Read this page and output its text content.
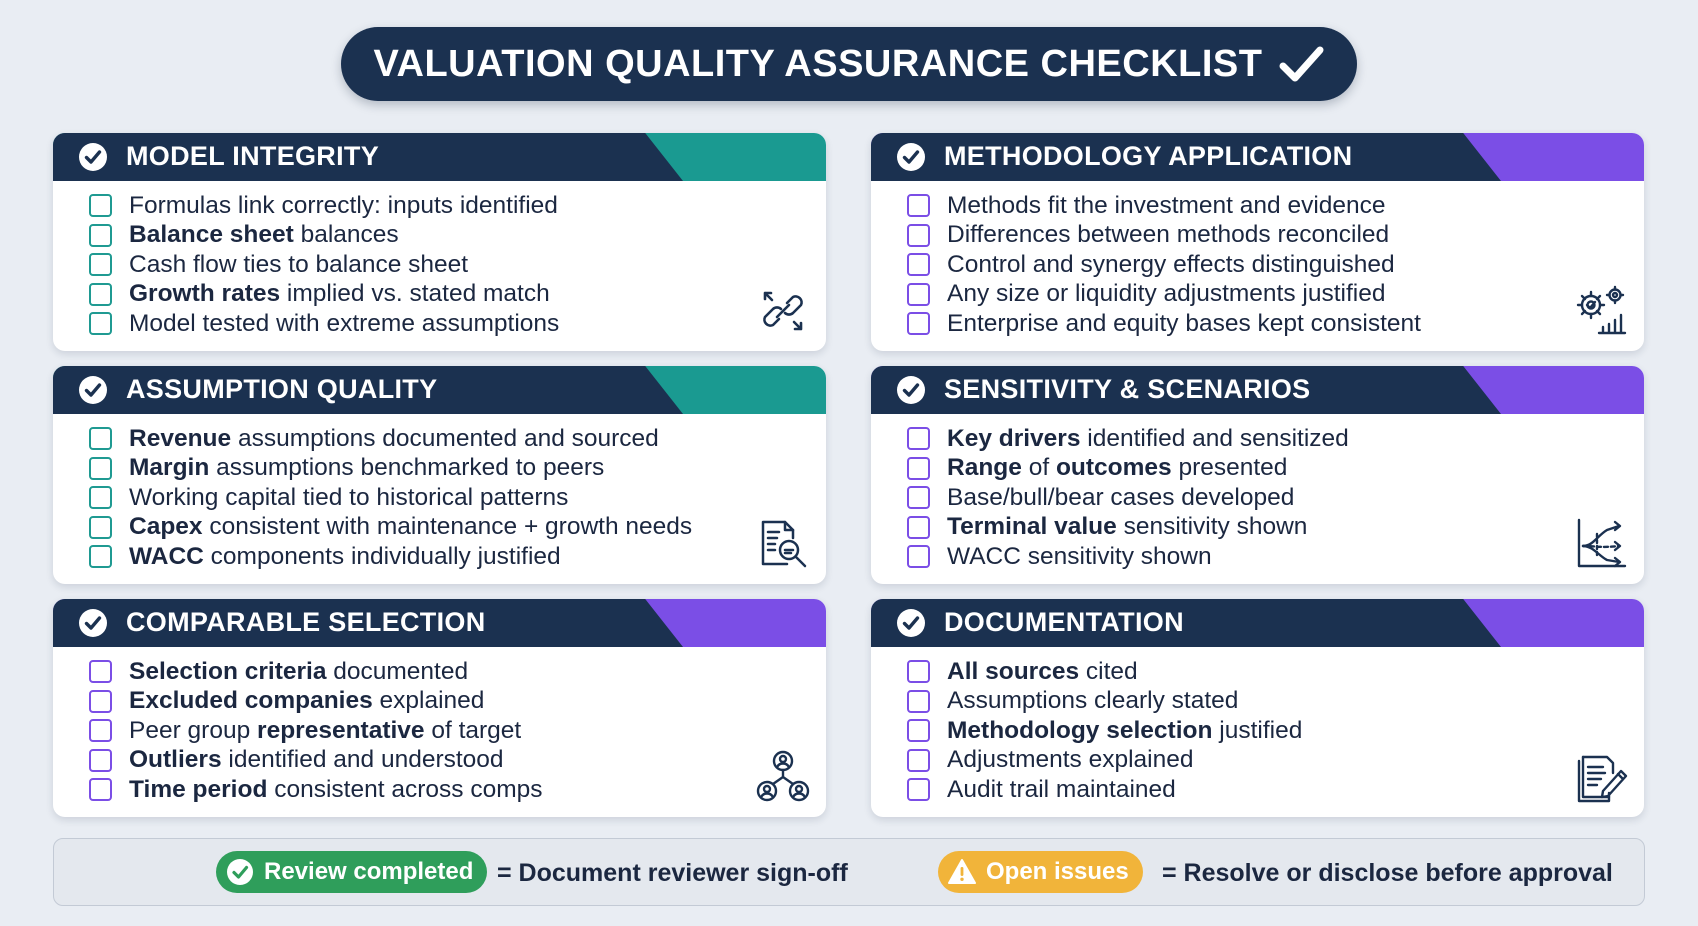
VALUATION QUALITY ASSURANCE CHECKLIST
MODEL INTEGRITY
Formulas link correctly: inputs identified
Balance sheet balances
Cash flow ties to balance sheet
Growth rates implied vs. stated match
Model tested with extreme assumptions
METHODOLOGY APPLICATION
Methods fit the investment and evidence
Differences between methods reconciled
Control and synergy effects distinguished
Any size or liquidity adjustments justified
Enterprise and equity bases kept consistent
ASSUMPTION QUALITY
Revenue assumptions documented and sourced
Margin assumptions benchmarked to peers
Working capital tied to historical patterns
Capex consistent with maintenance + growth needs
WACC components individually justified
SENSITIVITY & SCENARIOS
Key drivers identified and sensitized
Range of outcomes presented
Base/bull/bear cases developed
Terminal value sensitivity shown
WACC sensitivity shown
COMPARABLE SELECTION
Selection criteria documented
Excluded companies explained
Peer group representative of target
Outliers identified and understood
Time period consistent across comps
DOCUMENTATION
All sources cited
Assumptions clearly stated
Methodology selection justified
Adjustments explained
Audit trail maintained
Review completed = Document reviewer sign-off	Open issues = Resolve or disclose before approval
